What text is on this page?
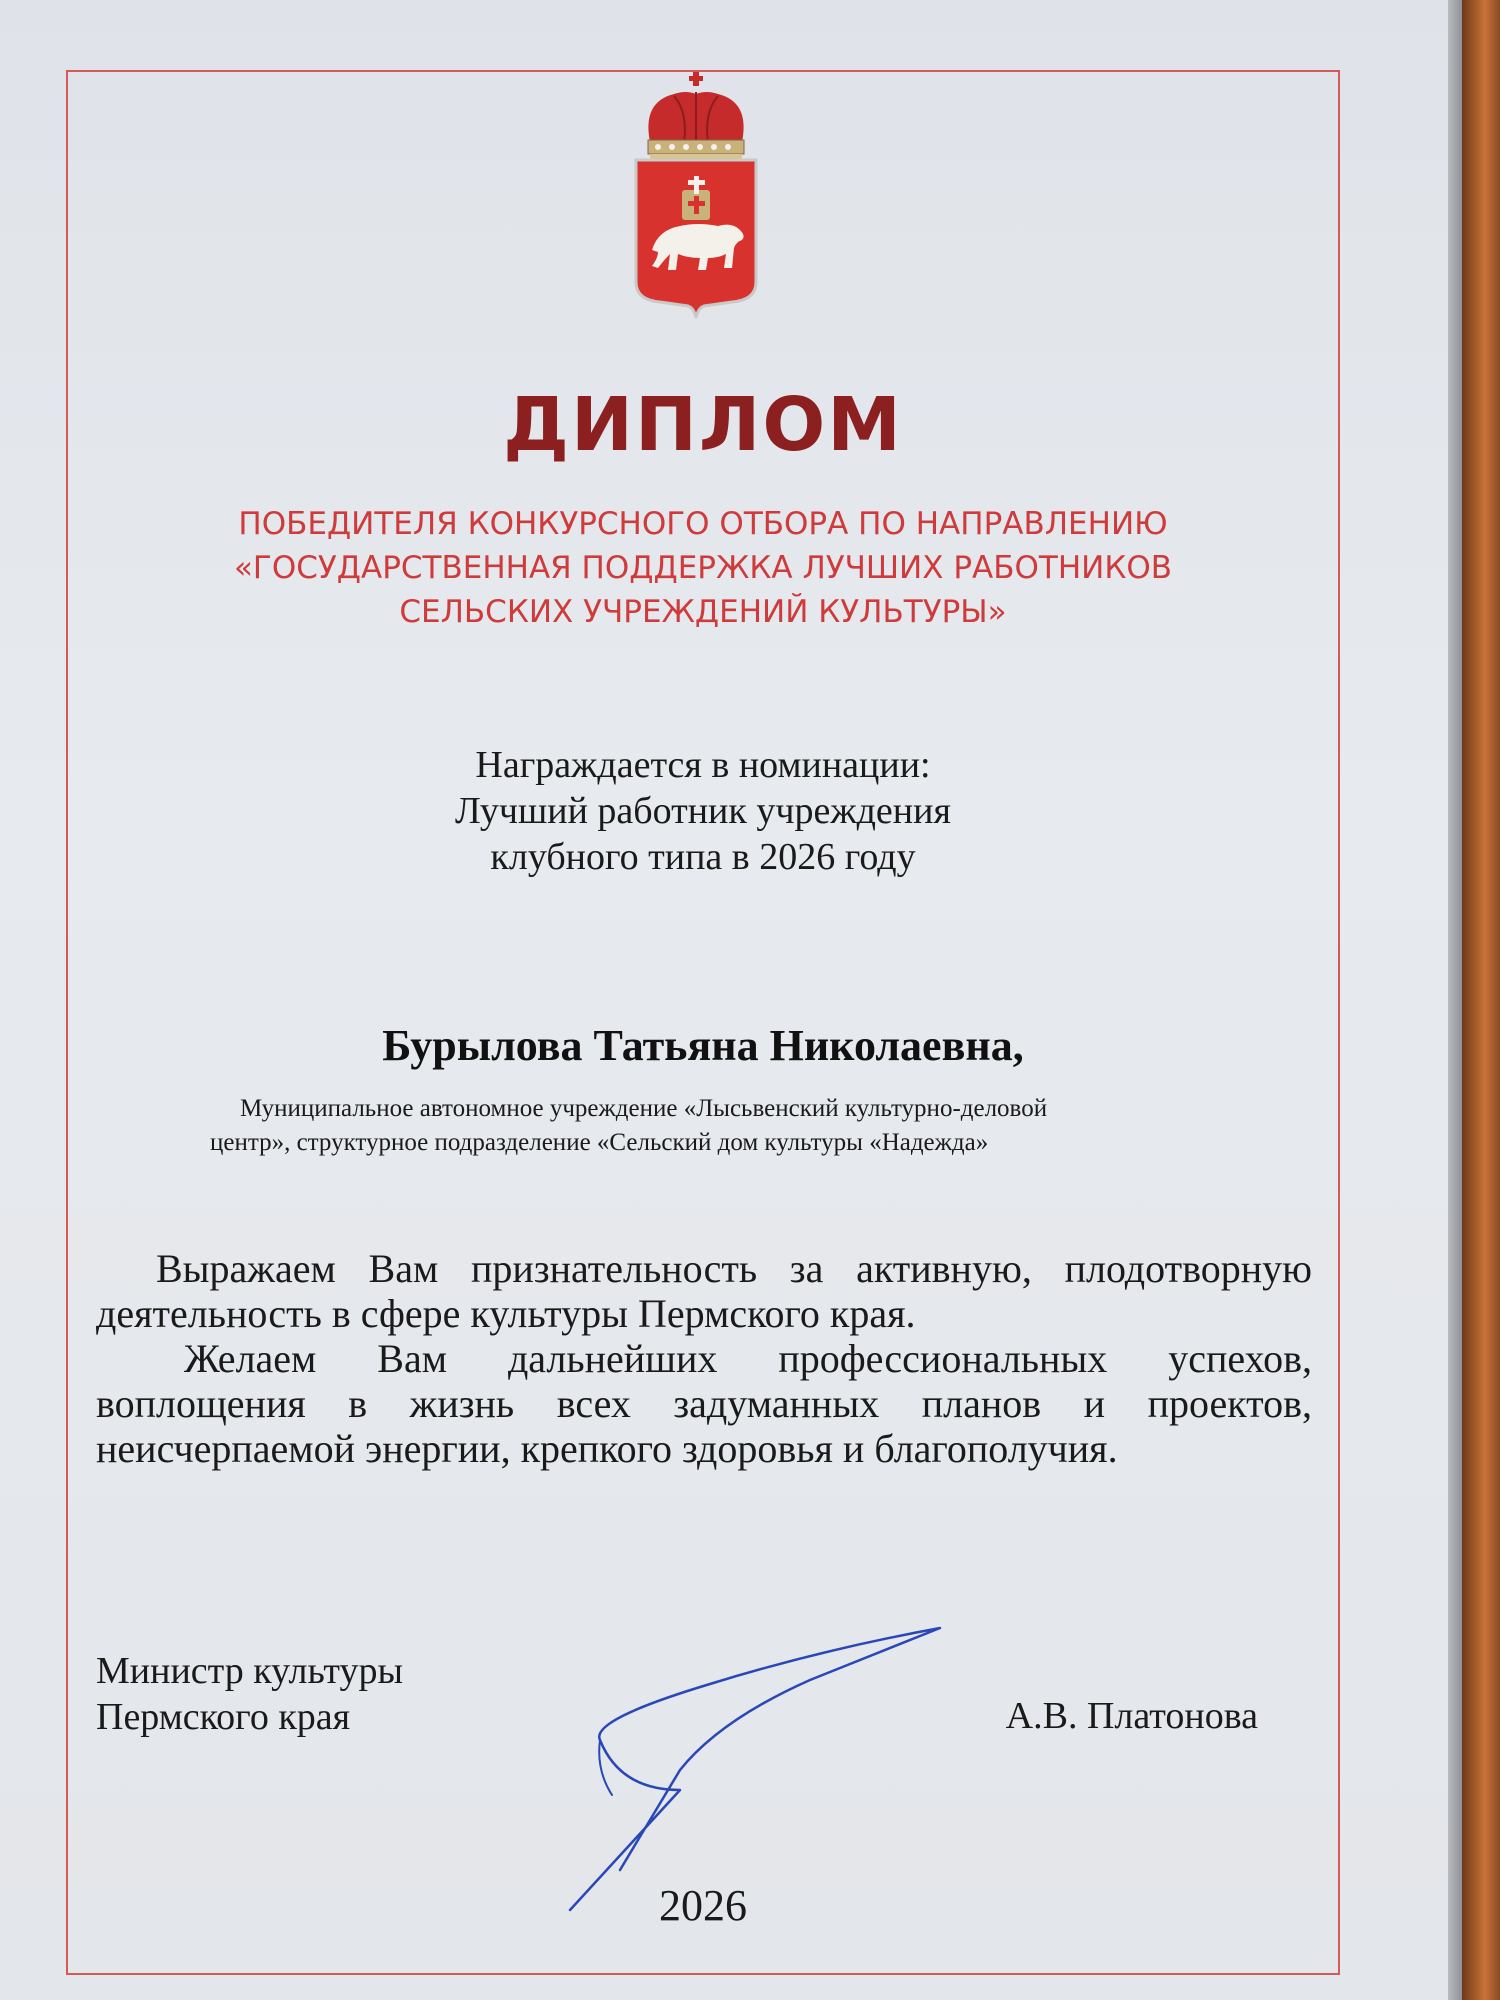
ДИПЛОМ
ПОБЕДИТЕЛЯ КОНКУРСНОГО ОТБОРА ПО НАПРАВЛЕНИЮ
«ГОСУДАРСТВЕННАЯ ПОДДЕРЖКА ЛУЧШИХ РАБОТНИКОВ
СЕЛЬСКИХ УЧРЕЖДЕНИЙ КУЛЬТУРЫ»
Награждается в номинации:
Лучший работник учреждения
клубного типа в 2026 году
Бурылова Татьяна Николаевна,
Муниципальное автономное учреждение «Лысьвенский культурно-деловой
центр», структурное подразделение «Сельский дом культуры «Надежда»

Выражаем Вам признательность за активную, плодотворную деятельность в сфере культуры Пермского края.

Желаем Вам дальнейших профессиональных успехов, воплощения в жизнь всех задуманных планов и проектов, неисчерпаемой энергии, крепкого здоровья и благополучия.

Министр культуры
Пермского края	А.В. Платонова
2026
